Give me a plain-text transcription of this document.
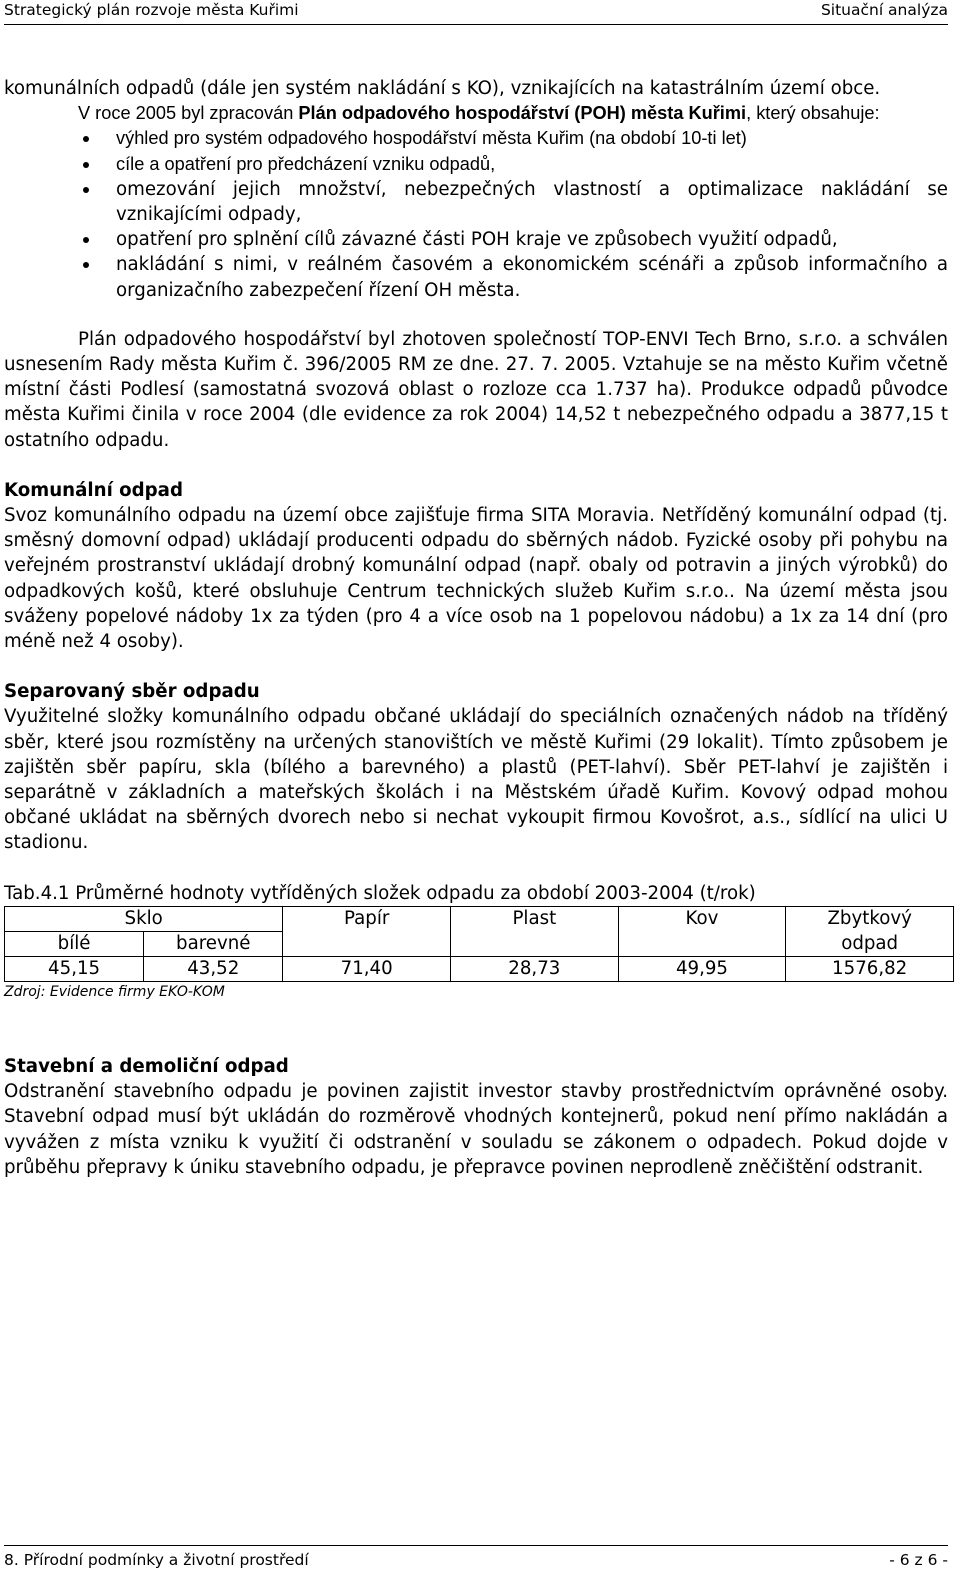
Strategický plán rozvoje města Kuřimi	Situační analýza

komunálních odpadů (dále jen systém nakládání s KO), vznikajících na katastrálním území obce.

V roce 2005 byl zpracován Plán odpadového hospodářství (POH) města Kuřimi, který obsahuje:

výhled pro systém odpadového hospodářství města Kuřim (na období 10-ti let)
cíle a opatření pro předcházení vzniku odpadů,
omezování jejich množství, nebezpečných vlastností a optimalizace nakládání se vznikajícími odpady,
opatření pro splnění cílů závazné části POH kraje ve způsobech využití odpadů,
nakládání s nimi, v reálném časovém a ekonomickém scénáři a způsob informačního a organizačního zabezpečení řízení OH města.

Plán odpadového hospodářství byl zhotoven společností TOP-ENVI Tech Brno, s.r.o. a schválen usnesením Rady města Kuřim č. 396/2005 RM ze dne. 27. 7. 2005. Vztahuje se na město Kuřim včetně místní části Podlesí (samostatná svozová oblast o rozloze cca 1.737 ha). Produkce odpadů původce města Kuřimi činila v roce 2004 (dle evidence za rok 2004) 14,52 t nebezpečného odpadu a 3877,15 t ostatního odpadu.

Komunální odpad

Svoz komunálního odpadu na území obce zajišťuje firma SITA Moravia. Netříděný komunální odpad (tj. směsný domovní odpad) ukládají producenti odpadu do sběrných nádob. Fyzické osoby při pohybu na veřejném prostranství ukládají drobný komunální odpad (např. obaly od potravin a jiných výrobků) do odpadkových košů, které obsluhuje Centrum technických služeb Kuřim s.r.o.. Na území města jsou sváženy popelové nádoby 1x za týden (pro 4 a více osob na 1 popelovou nádobu) a 1x za 14 dní (pro méně než 4 osoby).

Separovaný sběr odpadu

Využitelné složky komunálního odpadu občané ukládají do speciálních označených nádob na tříděný sběr, které jsou rozmístěny na určených stanovištích ve městě Kuřimi (29 lokalit). Tímto způsobem je zajištěn sběr papíru, skla (bílého a barevného) a plastů (PET-lahví). Sběr PET-lahví je zajištěn i separátně v základních a mateřských školách i na Městském úřadě Kuřim. Kovový odpad mohou občané ukládat na sběrných dvorech nebo si nechat vykoupit firmou Kovošrot, a.s., sídlící na ulici U stadionu.

Tab.4.1 Průměrné hodnoty vytříděných složek odpadu za období 2003-2004 (t/rok)

Sklo		Papír	Plast	Kov	Zbytkový
bílé	barevné				odpad
45,15	43,52	71,40	28,73	49,95	1576,82

Zdroj: Evidence firmy EKO-KOM

Stavební a demoliční odpad

Odstranění stavebního odpadu je povinen zajistit investor stavby prostřednictvím oprávněné osoby. Stavební odpad musí být ukládán do rozměrově vhodných kontejnerů, pokud není přímo nakládán a vyvážen z místa vzniku k využití či odstranění v souladu se zákonem o odpadech. Pokud dojde v průběhu přepravy k úniku stavebního odpadu, je přepravce povinen neprodleně zněčištění odstranit.

8. Přírodní podmínky a životní prostředí	- 6 z 6 -
